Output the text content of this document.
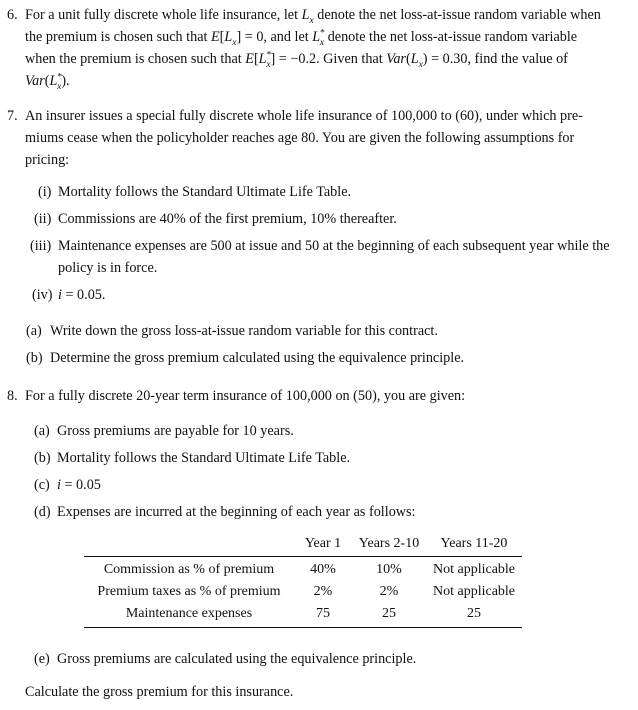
6. For a unit fully discrete whole life insurance, let $L_x$ denote the net loss-at-issue random variable when
the premium is chosen such that $E[L_x] = 0$, and let $L^*_x$ denote the net loss-at-issue random variable
when the premium is chosen such that $E[L^*_x] = -0.2$. Given that $Var(L_x) = 0.30$, find the value of
$Var(L^*_x)$.
7. An insurer issues a special fully discrete whole life insurance of 100,000 to (60), under which pre-
miums cease when the policyholder reaches age 80. You are given the following assumptions for
pricing:
(i) Mortality follows the Standard Ultimate Life Table.
(ii) Commissions are 40% of the first premium, 10% thereafter.
(iii) Maintenance expenses are 500 at issue and 50 at the beginning of each subsequent year while the
policy is in force.
(iv) i = 0.05.
(a) Write down the gross loss-at-issue random variable for this contract.
(b) Determine the gross premium calculated using the equivalence principle.
8. For a fully discrete 20-year term insurance of 100,000 on (50), you are given:
(a) Gross premiums are payable for 10 years.
(b) Mortality follows the Standard Ultimate Life Table.
(c) i = 0.05
(d) Expenses are incurred at the beginning of each year as follows:
	Year 1	Years 2-10	Years 11-20
Commission as % of premium	40%	10%	Not applicable
Premium taxes as % of premium	2%	2%	Not applicable
Maintenance expenses	75	25	25
(e) Gross premiums are calculated using the equivalence principle.
Calculate the gross premium for this insurance.
